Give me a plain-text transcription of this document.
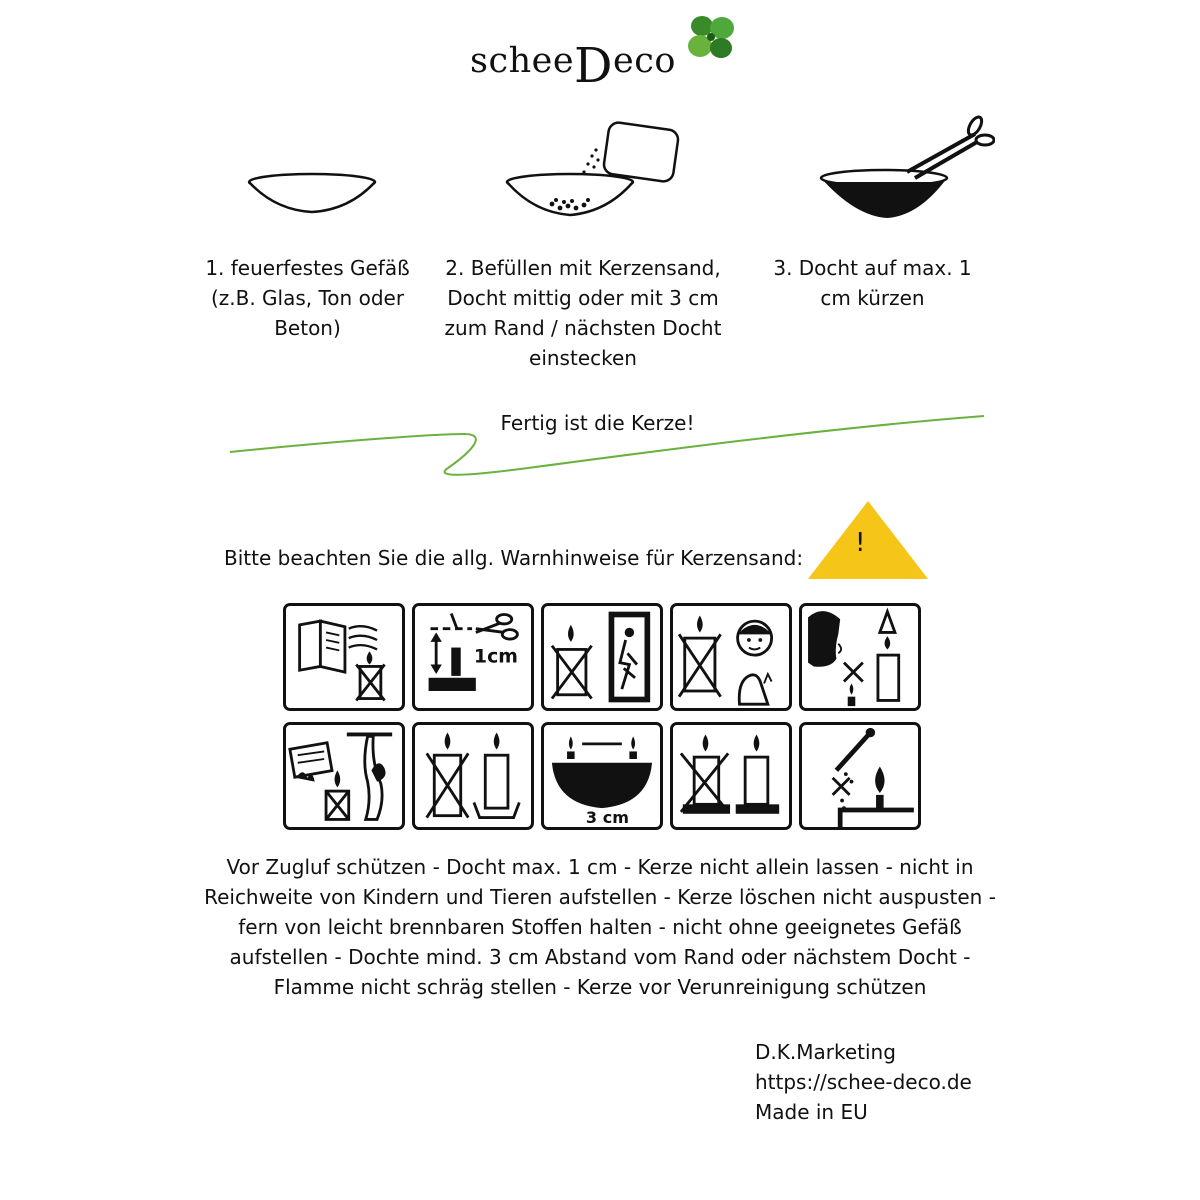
scheeDeco
1. feuerfestes Gefäß (z.B. Glas, Ton oder Beton)
2. Befüllen mit Kerzensand, Docht mittig oder mit 3 cm zum Rand / nächsten Docht einstecken
3. Docht auf max. 1 cm kürzen
Fertig ist die Kerze!
Bitte beachten Sie die allg. Warnhinweise für Kerzensand: !
1cm
3 cm
Vor Zugluf schützen - Docht max. 1 cm - Kerze nicht allein lassen - nicht in Reichweite von Kindern und Tieren aufstellen - Kerze löschen nicht auspusten - fern von leicht brennbaren Stoffen halten - nicht ohne geeignetes Gefäß aufstellen - Dochte mind. 3 cm Abstand vom Rand oder nächstem Docht - Flamme nicht schräg stellen - Kerze vor Verunreinigung schützen
D.K.Marketing
https://schee-deco.de
Made in EU
